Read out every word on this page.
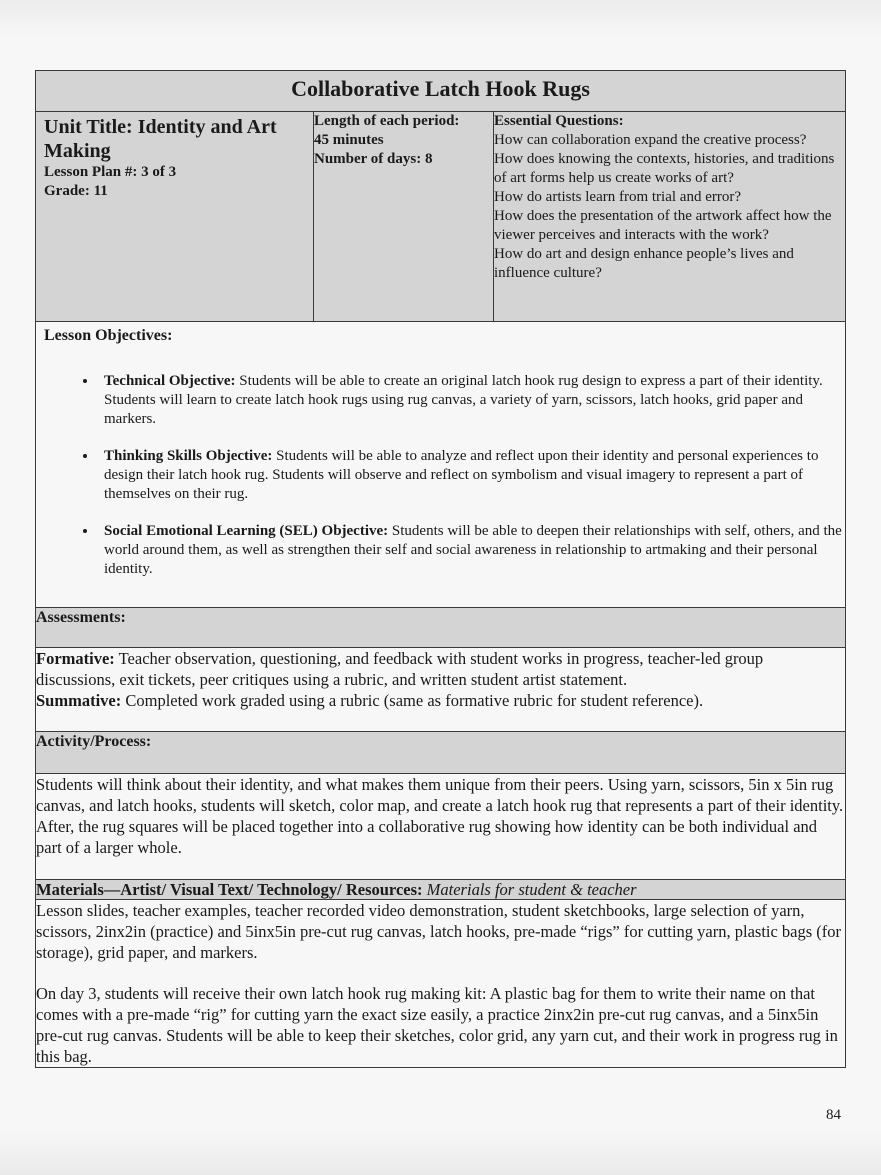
Collaborative Latch Hook Rugs

Unit Title: Identity and Art Making
Lesson Plan #: 3 of 3
Grade: 11

Length of each period:
45 minutes
Number of days: 8

Essential Questions:
How can collaboration expand the creative process?
How does knowing the contexts, histories, and traditions of art forms help us create works of art?
How do artists learn from trial and error?
How does the presentation of the artwork affect how the viewer perceives and interacts with the work?
How do art and design enhance people’s lives and influence culture?

Lesson Objectives:
• Technical Objective: Students will be able to create an original latch hook rug design to express a part of their identity. Students will learn to create latch hook rugs using rug canvas, a variety of yarn, scissors, latch hooks, grid paper and markers.
• Thinking Skills Objective: Students will be able to analyze and reflect upon their identity and personal experiences to design their latch hook rug. Students will observe and reflect on symbolism and visual imagery to represent a part of themselves on their rug.
• Social Emotional Learning (SEL) Objective: Students will be able to deepen their relationships with self, others, and the world around them, as well as strengthen their self and social awareness in relationship to artmaking and their personal identity.

Assessments:
Formative: Teacher observation, questioning, and feedback with student works in progress, teacher-led group discussions, exit tickets, peer critiques using a rubric, and written student artist statement.
Summative: Completed work graded using a rubric (same as formative rubric for student reference).
Activity/Process:
Students will think about their identity, and what makes them unique from their peers. Using yarn, scissors, 5in x 5in rug canvas, and latch hooks, students will sketch, color map, and create a latch hook rug that represents a part of their identity. After, the rug squares will be placed together into a collaborative rug showing how identity can be both individual and part of a larger whole.
Materials—Artist/ Visual Text/ Technology/ Resources: Materials for student & teacher

Lesson slides, teacher examples, teacher recorded video demonstration, student sketchbooks, large selection of yarn, scissors, 2inx2in (practice) and 5inx5in pre-cut rug canvas, latch hooks, pre-made “rigs” for cutting yarn, plastic bags (for storage), grid paper, and markers.

On day 3, students will receive their own latch hook rug making kit: A plastic bag for them to write their name on that comes with a pre-made “rig” for cutting yarn the exact size easily, a practice 2inx2in pre-cut rug canvas, and a 5inx5in pre-cut rug canvas. Students will be able to keep their sketches, color grid, any yarn cut, and their work in progress rug in this bag.

84
